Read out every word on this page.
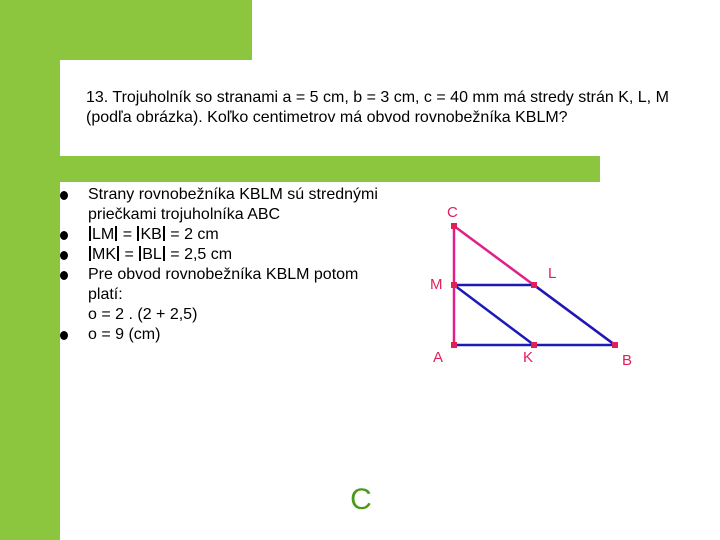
13. Trojuholník so stranami a = 5 cm, b = 3 cm, c = 40 mm má stredy strán K, L, M (podľa obrázka). Koľko centimetrov má obvod rovnobežníka KBLM?
Strany rovnobežníka KBLM sú strednými priečkami trojuholníka ABC
LM = KB = 2 cm
MK = BL = 2,5 cm
Pre obvod rovnobežníka KBLM potom platí:
o = 2 . (2 + 2,5)
o = 9 (cm)
C
M
A
L
K	B
C
